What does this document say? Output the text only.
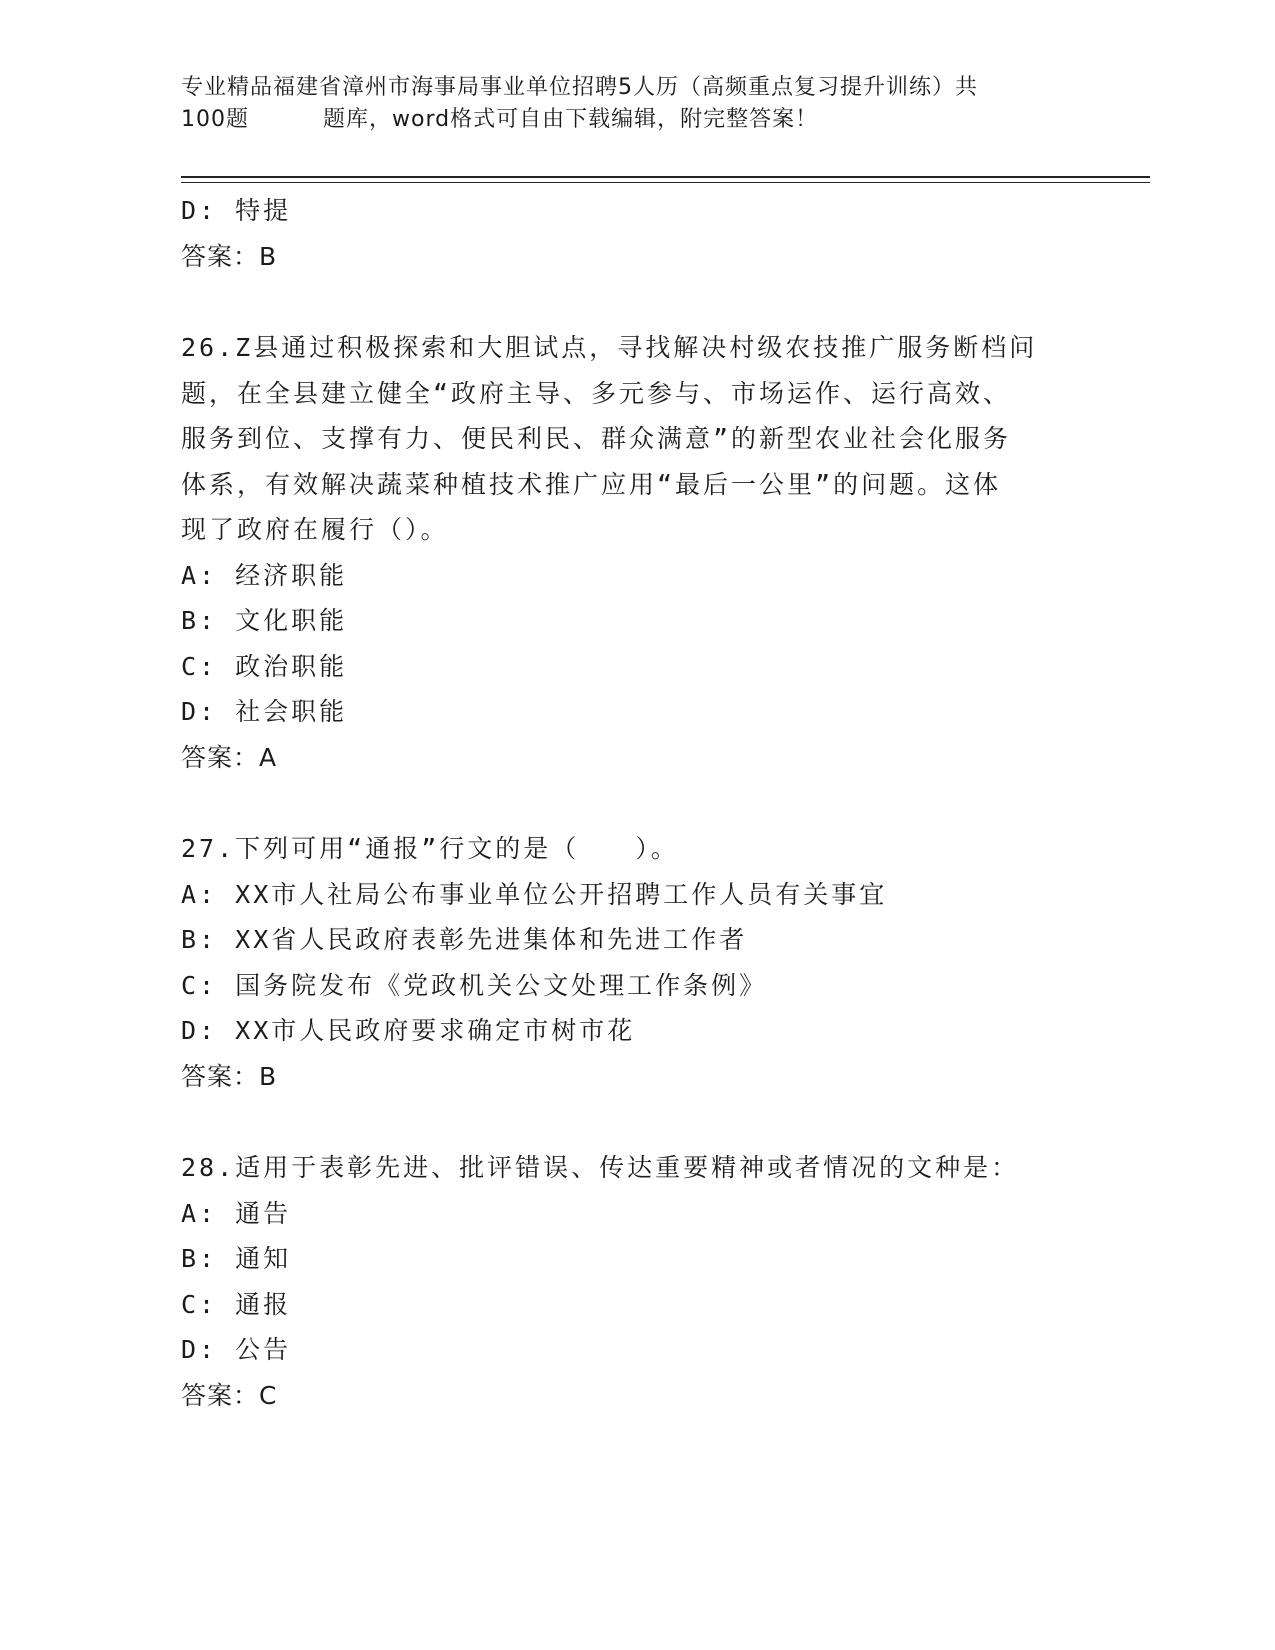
专业精品福建省漳州市海事局事业单位招聘5人历（高频重点复习提升训练）共

100题	题库，word格式可自由下载编辑，附完整答案！
D: 特提
答案：B
26.Z县通过积极探索和大胆试点，寻找解决村级农技推广服务断档问
题，在全县建立健全“政府主导、多元参与、市场运作、运行高效、
服务到位、支撑有力、便民利民、群众满意”的新型农业社会化服务
体系，有效解决蔬菜种植技术推广应用“最后一公里”的问题。这体
现了政府在履行（）。
A: 经济职能
B: 文化职能
C: 政治职能
D: 社会职能
答案：A
27.下列可用“通报”行文的是（　　）。
A: XX市人社局公布事业单位公开招聘工作人员有关事宜
B: XX省人民政府表彰先进集体和先进工作者
C: 国务院发布《党政机关公文处理工作条例》
D: XX市人民政府要求确定市树市花
答案：B
28.适用于表彰先进、批评错误、传达重要精神或者情况的文种是：
A: 通告
B: 通知
C: 通报
D: 公告
答案：C
